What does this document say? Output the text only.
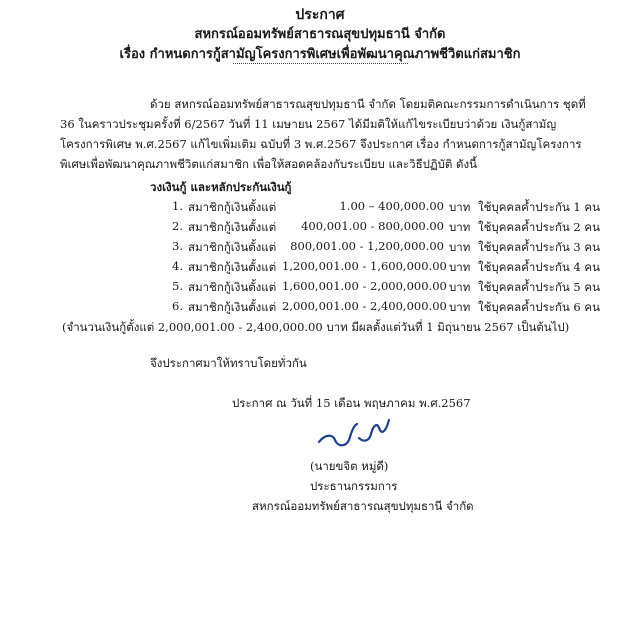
ประกาศ
สหกรณ์ออมทรัพย์สาธารณสุขปทุมธานี จำกัด
เรื่อง กำหนดการกู้สามัญโครงการพิเศษเพื่อพัฒนาคุณภาพชีวิตแก่สมาชิก
ด้วย สหกรณ์ออมทรัพย์สาธารณสุขปทุมธานี จำกัด โดยมติคณะกรรมการดำเนินการ ชุดที่
36 ในคราวประชุมครั้งที่ 6/2567 วันที่ 11 เมษายน 2567 ได้มีมติให้แก้ไขระเบียบว่าด้วย เงินกู้สามัญ
โครงการพิเศษ พ.ศ.2567 แก้ไขเพิ่มเติม ฉบับที่ 3 พ.ศ.2567 จึงประกาศ เรื่อง กำหนดการกู้สามัญโครงการ
พิเศษเพื่อพัฒนาคุณภาพชีวิตแก่สมาชิก เพื่อให้สอดคล้องกับระเบียบ และวิธีปฏิบัติ ดังนี้
วงเงินกู้ และหลักประกันเงินกู้
1. สมาชิกกู้เงินตั้งแต่	1.00 – 400,000.00 บาท ใช้บุคคลค้ำประกัน 1 คน
2. สมาชิกกู้เงินตั้งแต่	400,001.00 - 800,000.00 บาท ใช้บุคคลค้ำประกัน 2 คน
3. สมาชิกกู้เงินตั้งแต่	800,001.00 - 1,200,000.00 บาท ใช้บุคคลค้ำประกัน 3 คน
4. สมาชิกกู้เงินตั้งแต่ 1,200,001.00 - 1,600,000.00 บาท ใช้บุคคลค้ำประกัน 4 คน
5. สมาชิกกู้เงินตั้งแต่ 1,600,001.00 - 2,000,000.00 บาท ใช้บุคคลค้ำประกัน 5 คน
6. สมาชิกกู้เงินตั้งแต่ 2,000,001.00 - 2,400,000.00 บาท ใช้บุคคลค้ำประกัน 6 คน
(จำนวนเงินกู้ตั้งแต่ 2,000,001.00 - 2,400,000.00 บาท มีผลตั้งแต่วันที่ 1 มิถุนายน 2567 เป็นต้นไป)
จึงประกาศมาให้ทราบโดยทั่วกัน
ประกาศ ณ วันที่ 15 เดือน พฤษภาคม พ.ศ.2567
(นายขจิต หมู่ดี)
ประธานกรรมการ
สหกรณ์ออมทรัพย์สาธารณสุขปทุมธานี จำกัด
